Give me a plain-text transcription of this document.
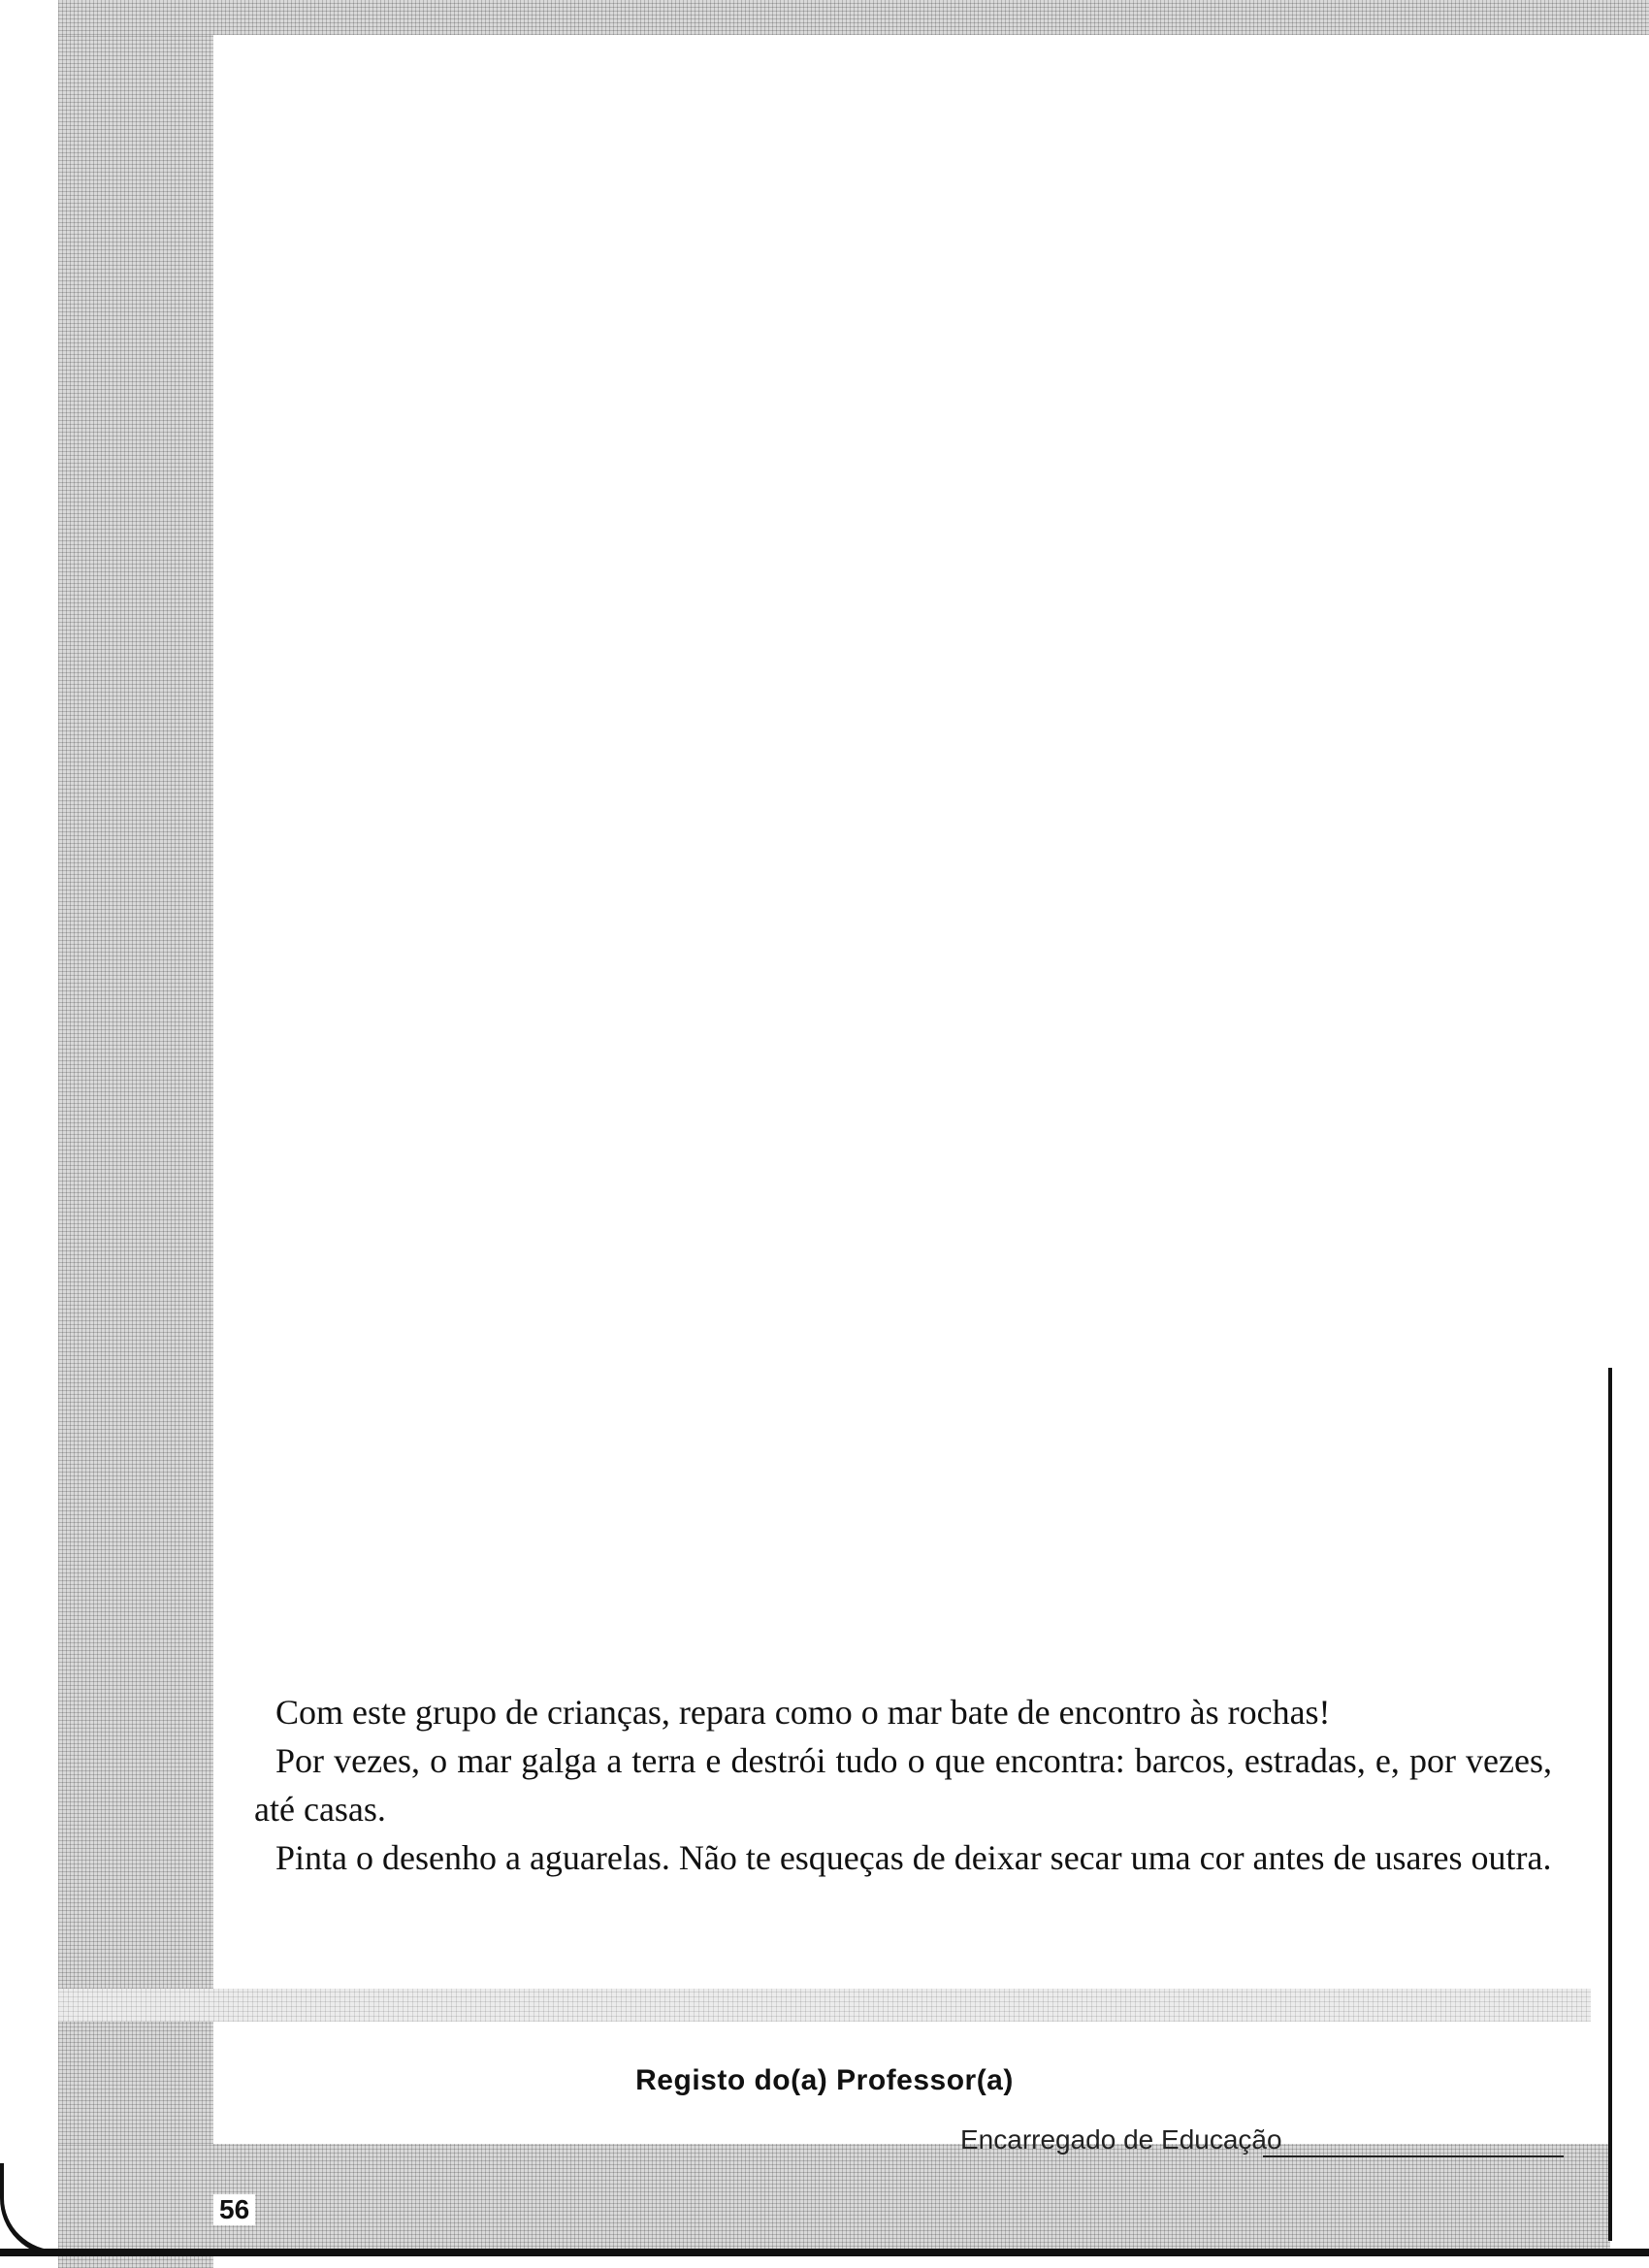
Com este grupo de crianças, repara como o mar bate de encontro às rochas!

Por vezes, o mar galga a terra e destrói tudo o que encontra: barcos, estradas, e, por vezes, até casas.

Pinta o desenho a aguarelas. Não te esqueças de deixar secar uma cor antes de usares outra.

Registo do(a) Professor(a)
Encarregado de Educação
56
